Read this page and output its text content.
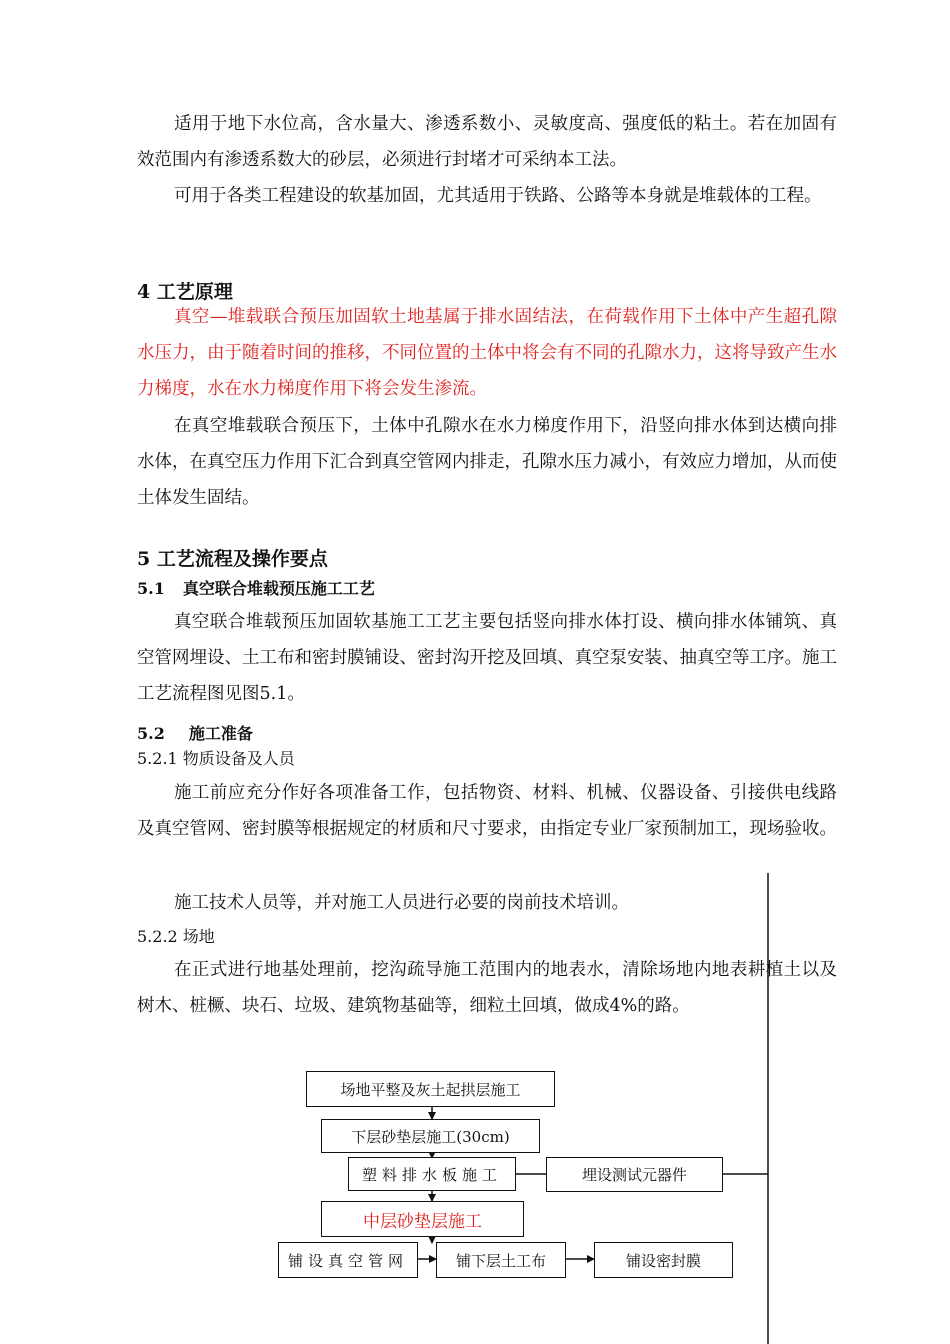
适用于地下水位高，含水量大、渗透系数小、灵敏度高、强度低的粘土。若在加固有效范围内有渗透系数大的砂层，必须进行封堵才可采纳本工法。

可用于各类工程建设的软基加固，尤其适用于铁路、公路等本身就是堆载体的工程。

4 工艺原理

真空—堆载联合预压加固软土地基属于排水固结法，在荷载作用下土体中产生超孔隙水压力，由于随着时间的推移，不同位置的土体中将会有不同的孔隙水力，这将导致产生水力梯度，水在水力梯度作用下将会发生渗流。

在真空堆载联合预压下，土体中孔隙水在水力梯度作用下，沿竖向排水体到达横向排水体，在真空压力作用下汇合到真空管网内排走，孔隙水压力减小，有效应力增加，从而使土体发生固结。

5 工艺流程及操作要点
5.1 真空联合堆载预压施工工艺

真空联合堆载预压加固软基施工工艺主要包括竖向排水体打设、横向排水体铺筑、真空管网埋设、土工布和密封膜铺设、密封沟开挖及回填、真空泵安装、抽真空等工序。施工工艺流程图见图5.1。

5.2 施工准备

5.2.1 物质设备及人员

施工前应充分作好各项准备工作，包括物资、材料、机械、仪器设备、引接供电线路及真空管网、密封膜等根据规定的材质和尺寸要求，由指定专业厂家预制加工，现场验收。

施工技术人员等，并对施工人员进行必要的岗前技术培训。

5.2.2 场地

在正式进行地基处理前，挖沟疏导施工范围内的地表水，清除场地内地表耕植土以及树木、桩橛、块石、垃圾、建筑物基础等，细粒土回填，做成4%的路。

场地平整及灰土起拱层施工
下层砂垫层施工(30cm)
塑料排水板施工	埋设测试元器件
中层砂垫层施工
铺设真空管网	铺下层土工布	铺设密封膜
